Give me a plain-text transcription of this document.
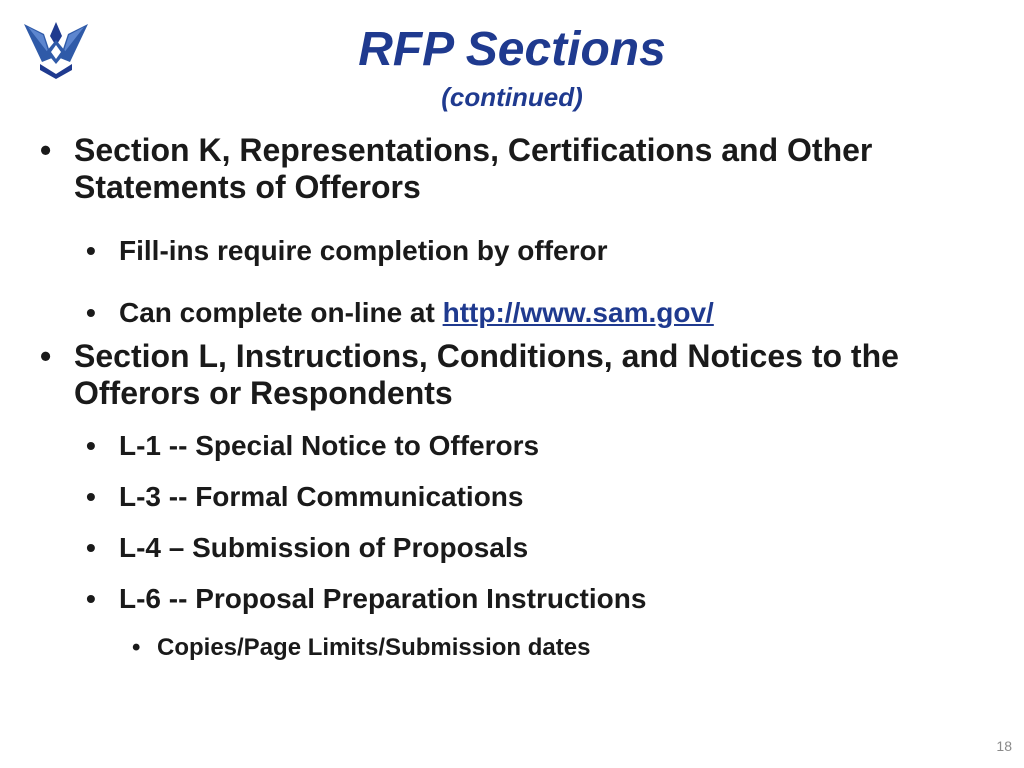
RFP Sections
(continued)
• Section K, Representations, Certifications and Other Statements of Offerors
• Fill-ins require completion by offeror
• Can complete on-line at http://www.sam.gov/
• Section L, Instructions, Conditions, and Notices to the Offerors or Respondents
• L-1 -- Special Notice to Offerors
• L-3 -- Formal Communications
• L-4 – Submission of Proposals
• L-6 -- Proposal Preparation Instructions
• Copies/Page Limits/Submission dates
18
